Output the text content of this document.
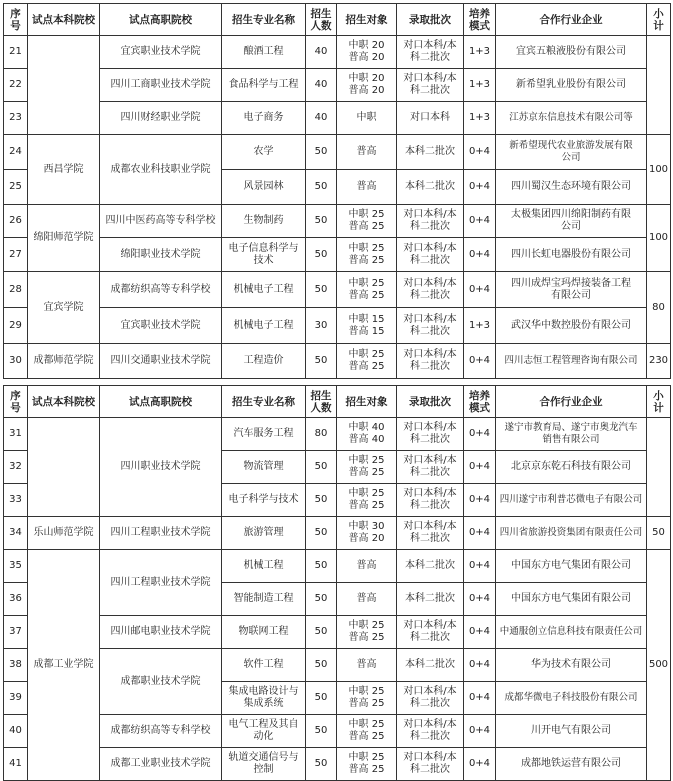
序
号	试点本科院校	试点高职院校	招生专业名称	招生
人数	招生对象	录取批次	培养
模式	合作行业企业	小
计
21		宜宾职业技术学院	酿酒工程	40	中职 20
普高 20	对口本科/本
科二批次	1+3	宜宾五粮液股份有限公司	
22		四川工商职业技术学院	食品科学与工程	40	中职 20
普高 20	对口本科/本
科二批次	1+3	新希望乳业股份有限公司	
23		四川财经职业学院	电子商务	40	中职	对口本科	1+3	江苏京东信息技术有限公司等	
24	西昌学院	成都农业科技职业学院	农学	50	普高	本科二批次	0+4	新希望现代农业旅游发展有限
公司	100
25			风景园林	50	普高	本科二批次	0+4	四川蜀汉生态环境有限公司	
26	绵阳师范学院	四川中医药高等专科学校	生物制药	50	中职 25
普高 25	对口本科/本
科二批次	0+4	太极集团四川绵阳制药有限
公司	100
27		绵阳职业技术学院	电子信息科学与
技术	50	中职 25
普高 25	对口本科/本
科二批次	0+4	四川长虹电器股份有限公司	
28	宜宾学院	成都纺织高等专科学校	机械电子工程	50	中职 25
普高 25	对口本科/本
科二批次	0+4	四川成焊宝玛焊接装备工程
有限公司	80
29		宜宾职业技术学院	机械电子工程	30	中职 15
普高 15	对口本科/本
科二批次	1+3	武汉华中数控股份有限公司	
30	成都师范学院	四川交通职业技术学院	工程造价	50	中职 25
普高 25	对口本科/本
科二批次	0+4	四川志恒工程管理咨询有限公司	230
序
号	试点本科院校	试点高职院校	招生专业名称	招生
人数	招生对象	录取批次	培养
模式	合作行业企业	小
计
31		四川职业技术学院	汽车服务工程	80	中职 40
普高 40	对口本科/本
科二批次	0+4	遂宁市教育局、遂宁市奥龙汽车
销售有限公司	
32			物流管理	50	中职 25
普高 25	对口本科/本
科二批次	0+4	北京京东乾石科技有限公司	
33			电子科学与技术	50	中职 25
普高 25	对口本科/本
科二批次	0+4	四川遂宁市利普芯微电子有限公司	
34	乐山师范学院	四川工程职业技术学院	旅游管理	50	中职 30
普高 20	对口本科/本
科二批次	0+4	四川省旅游投资集团有限责任公司	50
35	成都工业学院	四川工程职业技术学院	机械工程	50	普高	本科二批次	0+4	中国东方电气集团有限公司	500
36			智能制造工程	50	普高	本科二批次	0+4	中国东方电气集团有限公司	
37		四川邮电职业技术学院	物联网工程	50	中职 25
普高 25	对口本科/本
科二批次	0+4	中通服创立信息科技有限责任公司	
38		成都职业技术学院	软件工程	50	普高	本科二批次	0+4	华为技术有限公司	
39			集成电路设计与
集成系统	50	中职 25
普高 25	对口本科/本
科二批次	0+4	成都华微电子科技股份有限公司	
40		成都纺织高等专科学校	电气工程及其自
动化	50	中职 25
普高 25	对口本科/本
科二批次	0+4	川开电气有限公司	
41		成都工业职业技术学院	轨道交通信号与
控制	50	中职 25
普高 25	对口本科/本
科二批次	0+4	成都地铁运营有限公司	
